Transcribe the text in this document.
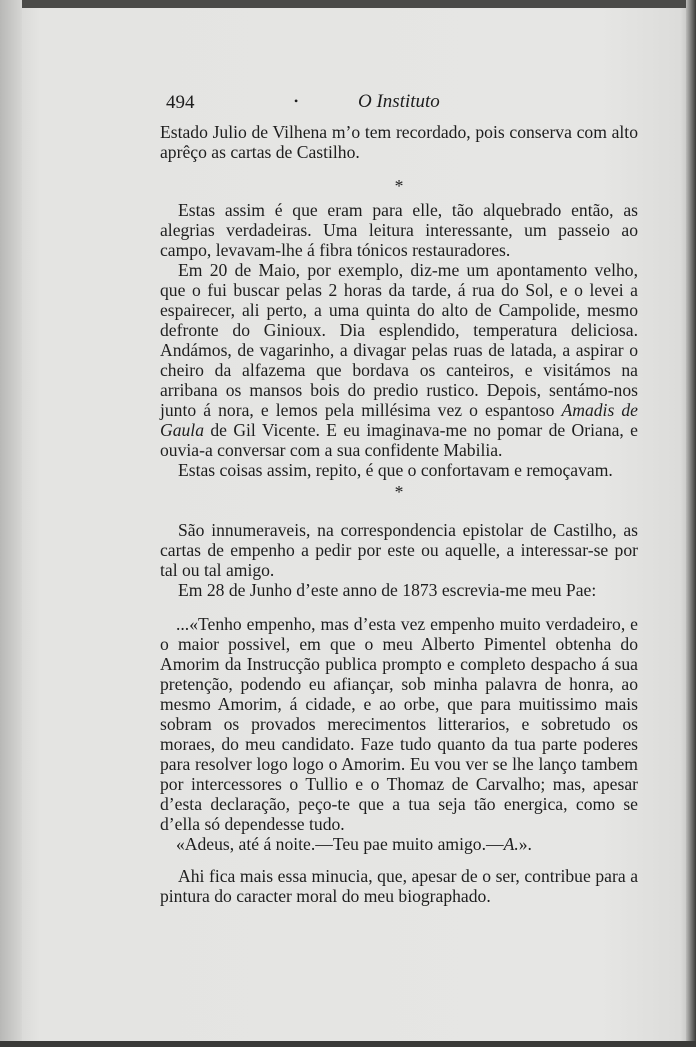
494	•	O Instituto

Estado Julio de Vilhena m’o tem recordado, pois conserva com alto aprêço as cartas de Castilho.

*

Estas assim é que eram para elle, tão alquebrado então, as alegrias verdadeiras. Uma leitura interessante, um passeio ao campo, levavam-lhe á fibra tónicos restauradores.

Em 20 de Maio, por exemplo, diz-me um apontamento velho, que o fui buscar pelas 2 horas da tarde, á rua do Sol, e o levei a espairecer, ali perto, a uma quinta do alto de Campolide, mesmo defronte do Ginioux. Dia esplendido, temperatura deliciosa. Andámos, de vagarinho, a divagar pelas ruas de latada, a aspirar o cheiro da alfazema que bordava os canteiros, e visitámos na arribana os mansos bois do predio rustico. Depois, sentámo-nos junto á nora, e lemos pela millésima vez o espantoso Amadis de Gaula de Gil Vicente. E eu imaginava-me no pomar de Oriana, e ouvia-a conversar com a sua confidente Mabilia.

Estas coisas assim, repito, é que o confortavam e remoçavam.

*

São innumeraveis, na correspondencia epistolar de Castilho, as cartas de empenho a pedir por este ou aquelle, a interessar-se por tal ou tal amigo.

Em 28 de Junho d’este anno de 1873 escrevia-me meu Pae:

...«Tenho empenho, mas d’esta vez empenho muito verdadeiro, e o maior possivel, em que o meu Alberto Pimentel obtenha do Amorim da Instrucção publica prompto e completo despacho á sua pretenção, podendo eu afiançar, sob minha palavra de honra, ao mesmo Amorim, á cidade, e ao orbe, que para muitissimo mais sobram os provados merecimentos litterarios, e sobretudo os moraes, do meu candidato. Faze tudo quanto da tua parte poderes para resolver logo logo o Amorim. Eu vou ver se lhe lanço tambem por intercessores o Tullio e o Thomaz de Carvalho; mas, apesar d’esta declaração, peço-te que a tua seja tão energica, como se d’ella só dependesse tudo.

«Adeus, até á noite.—Teu pae muito amigo.—A.».

Ahi fica mais essa minucia, que, apesar de o ser, contribue para a pintura do caracter moral do meu biographado.
